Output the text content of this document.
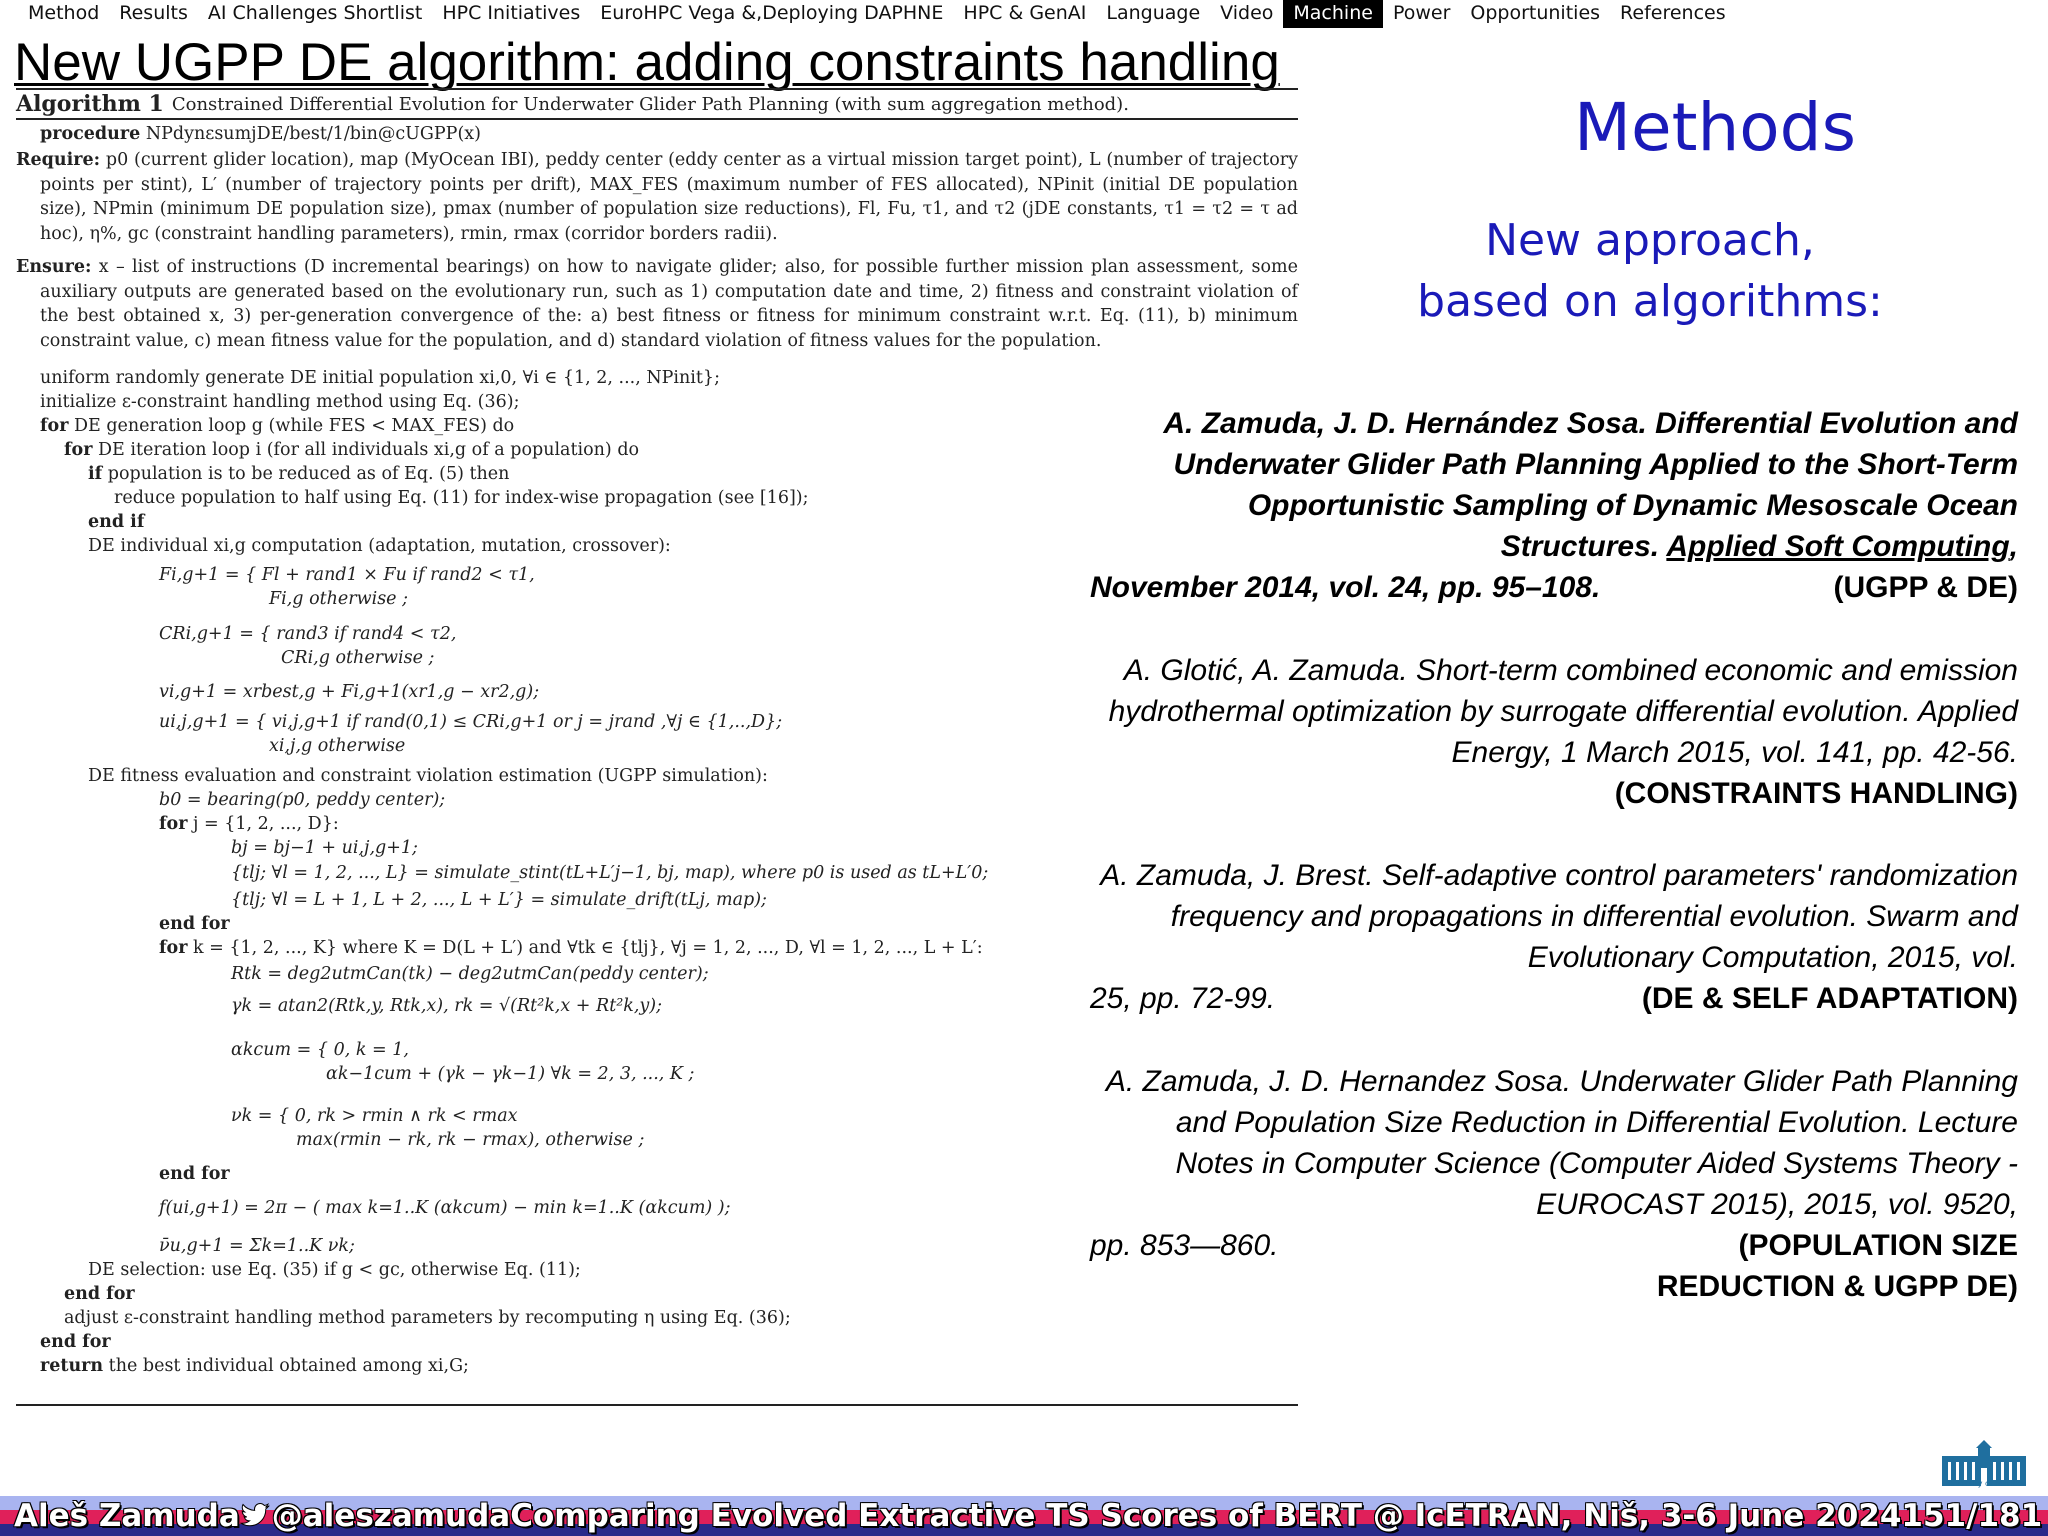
Method	Results	AI Challenges Shortlist	HPC Initiatives	EuroHPC Vega &,Deploying DAPHNE	HPC & GenAI	Language	Video	Machine	Power	Opportunities	References
New UGPP DE algorithm: adding constraints handling
Algorithm 1 Constrained Differential Evolution for Underwater Glider Path Planning (with sum aggregation method).
procedure NPdynεsumjDE/best/1/bin@cUGPP(x)
Require: p0 (current glider location), map (MyOcean IBI), peddy center (eddy center as a virtual mission target point), L (number of trajectory points per stint), L′ (number of trajectory points per drift), MAX_FES (maximum number of FES allocated), NPinit (initial DE population size), NPmin (minimum DE population size), pmax (number of population size reductions), Fl, Fu, τ1, and τ2 (jDE constants, τ1 = τ2 = τ ad hoc), η%, gc (constraint handling parameters), rmin, rmax (corridor borders radii).
Ensure: x – list of instructions (D incremental bearings) on how to navigate glider; also, for possible further mission plan assessment, some auxiliary outputs are generated based on the evolutionary run, such as 1) computation date and time, 2) fitness and constraint violation of the best obtained x, 3) per-generation convergence of the: a) best fitness or fitness for minimum constraint w.r.t. Eq. (11), b) minimum constraint value, c) mean fitness value for the population, and d) standard violation of fitness values for the population.
uniform randomly generate DE initial population xi,0, ∀i ∈ {1, 2, ..., NPinit};
initialize ε-constraint handling method using Eq. (36);
for DE generation loop g (while FES < MAX_FES) do
for DE iteration loop i (for all individuals xi,g of a population) do
if population is to be reduced as of Eq. (5) then
reduce population to half using Eq. (11) for index-wise propagation (see [16]);
end if
DE individual xi,g computation (adaptation, mutation, crossover):
Fi,g+1 = { Fl + rand1 × Fu if rand2 < τ1,
Fi,g otherwise ;
CRi,g+1 = { rand3 if rand4 < τ2,
CRi,g otherwise ;
vi,g+1 = xrbest,g + Fi,g+1(xr1,g − xr2,g);
ui,j,g+1 = { vi,j,g+1 if rand(0,1) ≤ CRi,g+1 or j = jrand ,∀j ∈ {1,..,D};
xi,j,g otherwise
DE fitness evaluation and constraint violation estimation (UGPP simulation):
b0 = bearing(p0, peddy center);
for j = {1, 2, ..., D}:
bj = bj−1 + ui,j,g+1;
{tlj; ∀l = 1, 2, ..., L} = simulate_stint(tL+L′j−1, bj, map), where p0 is used as tL+L′0;
{tlj; ∀l = L + 1, L + 2, ..., L + L′} = simulate_drift(tLj, map);
end for
for k = {1, 2, ..., K} where K = D(L + L′) and ∀tk ∈ {tlj}, ∀j = 1, 2, ..., D, ∀l = 1, 2, ..., L + L′:
Rtk = deg2utmCan(tk) − deg2utmCan(peddy center);
γk = atan2(Rtk,y, Rtk,x), rk = √(Rt²k,x + Rt²k,y);
αkcum = { 0, k = 1,
αk−1cum + (γk − γk−1) ∀k = 2, 3, ..., K ;
νk = { 0, rk > rmin ∧ rk < rmax
max(rmin − rk, rk − rmax), otherwise ;
end for
f(ui,g+1) = 2π − ( max k=1..K (αkcum) − min k=1..K (αkcum) );
ν̄u,g+1 = Σk=1..K νk;
DE selection: use Eq. (35) if g < gc, otherwise Eq. (11);
end for
adjust ε-constraint handling method parameters by recomputing η using Eq. (36);
end for
return the best individual obtained among xi,G;
Methods
New approach,
based on algorithms:
A. Zamuda, J. D. Hernández Sosa. Differential Evolution and Underwater Glider Path Planning Applied to the Short-Term Opportunistic Sampling of Dynamic Mesoscale Ocean Structures. Applied Soft Computing,
November 2014, vol. 24, pp. 95–108.	(UGPP & DE)
A. Glotić, A. Zamuda. Short-term combined economic and emission hydrothermal optimization by surrogate differential evolution. Applied Energy, 1 March 2015, vol. 141, pp. 42-56.
(CONSTRAINTS HANDLING)
A. Zamuda, J. Brest. Self-adaptive control parameters' randomization frequency and propagations in differential evolution. Swarm and Evolutionary Computation, 2015, vol.
25, pp. 72-99.	(DE & SELF ADAPTATION)
A. Zamuda, J. D. Hernandez Sosa. Underwater Glider Path Planning and Population Size Reduction in Differential Evolution. Lecture Notes in Computer Science (Computer Aided Systems Theory - EUROCAST 2015), 2015, vol. 9520,
pp. 853—860.	(POPULATION SIZE
REDUCTION & UGPP DE)
University of Maribor
Aleš Zamuda @aleszamuda Comparing Evolved Extractive TS Scores of BERT @ IcETRAN, Niš, 3-6 June 2024 151/181
